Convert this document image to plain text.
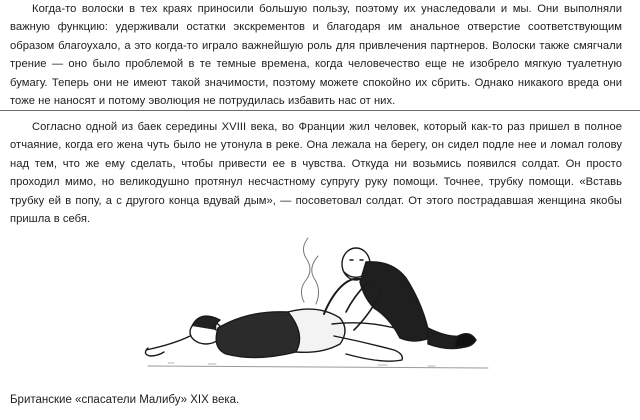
Когда-то волоски в тех краях приносили большую пользу, поэтому их унаследовали и мы. Они выполняли важную функцию: удерживали остатки экскрементов и благодаря им анальное отверстие соответствующим образом благоухало, а это когда-то играло важнейшую роль для привлечения партнеров. Волоски также смягчали трение — оно было проблемой в те темные времена, когда человечество еще не изобрело мягкую туалетную бумагу. Теперь они не имеют такой значимости, поэтому можете спокойно их сбрить. Однако никакого вреда они тоже не наносят и потому эволюция не потрудилась избавить нас от них.

Согласно одной из баек середины XVIII века, во Франции жил человек, который как-то раз пришел в полное отчаяние, когда его жена чуть было не утонула в реке. Она лежала на берегу, он сидел подле нее и ломал голову над тем, что же ему сделать, чтобы привести ее в чувства. Откуда ни возьмись появился солдат. Он просто проходил мимо, но великодушно протянул несчастному супругу руку помощи. Точнее, трубку помощи. «Вставь трубку ей в попу, а с другого конца вдувай дым», — посоветовал солдат. От этого пострадавшая женщина якобы пришла в себя.

Британские «спасатели Малибу» XIX века.
